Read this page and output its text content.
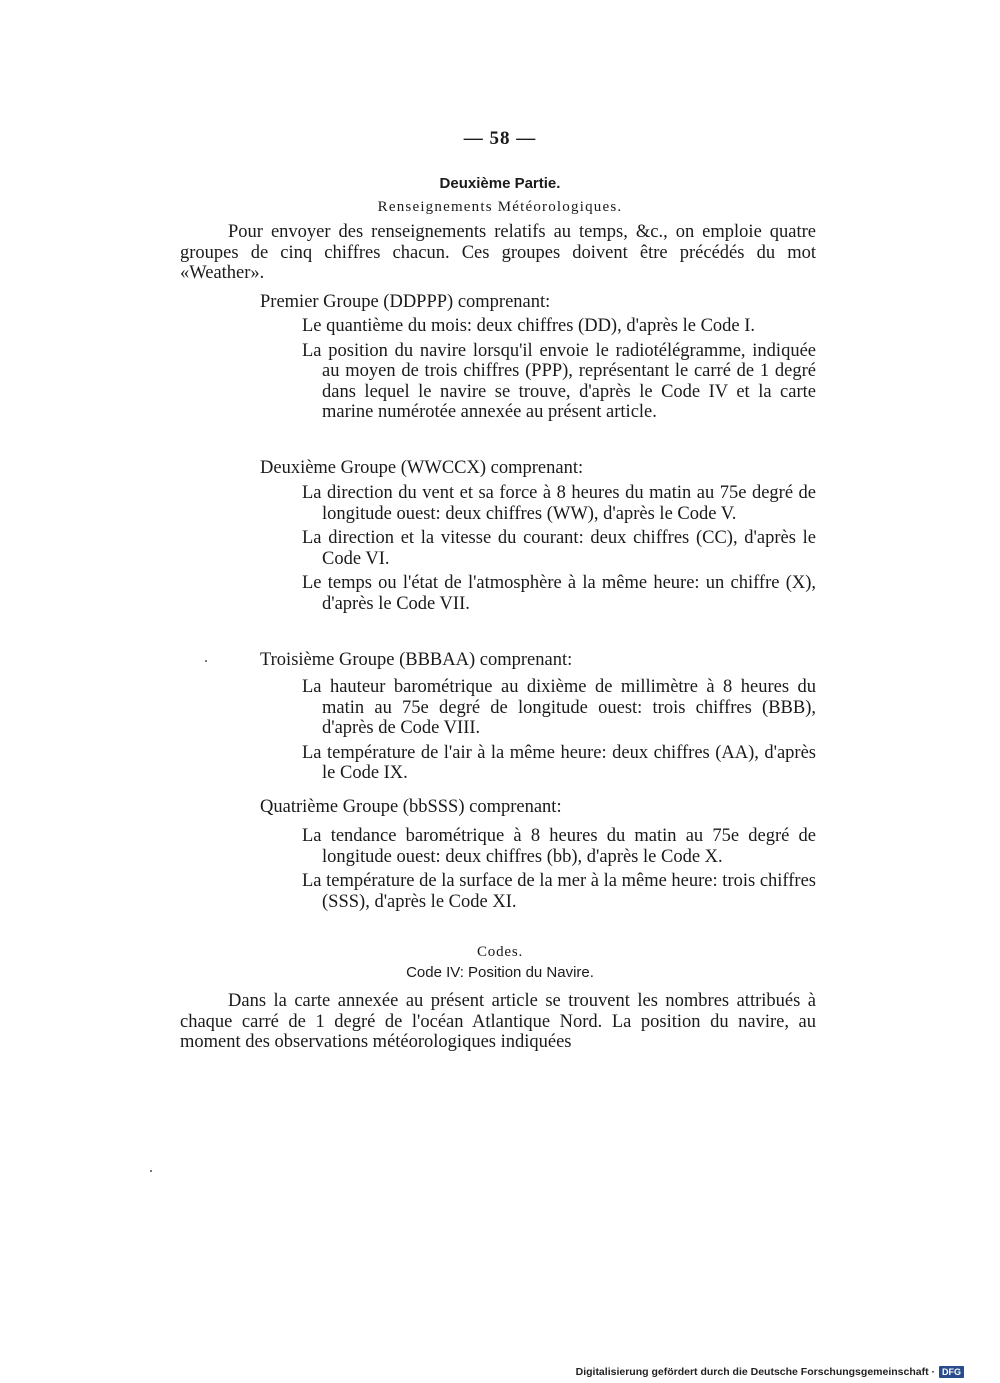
— 58 —
Deuxième Partie.
Renseignements Météorologiques.
Pour envoyer des renseignements relatifs au temps, &c., on emploie quatre groupes de cinq chiffres chacun. Ces groupes doivent être précédés du mot «Weather».
Premier Groupe (DDPPP) comprenant:
Le quantième du mois: deux chiffres (DD), d'après le Code I.
La position du navire lorsqu'il envoie le radiotélégramme, indiquée au moyen de trois chiffres (PPP), représentant le carré de 1 degré dans lequel le navire se trouve, d'après le Code IV et la carte marine numérotée annexée au présent article.
Deuxième Groupe (WWCCX) comprenant:
La direction du vent et sa force à 8 heures du matin au 75e degré de longitude ouest: deux chiffres (WW), d'après le Code V.
La direction et la vitesse du courant: deux chiffres (CC), d'après le Code VI.
Le temps ou l'état de l'atmosphère à la même heure: un chiffre (X), d'après le Code VII.
Troisième Groupe (BBBAA) comprenant:
La hauteur barométrique au dixième de millimètre à 8 heures du matin au 75e degré de longitude ouest: trois chiffres (BBB), d'après de Code VIII.
La température de l'air à la même heure: deux chiffres (AA), d'après le Code IX.
Quatrième Groupe (bbSSS) comprenant:
La tendance barométrique à 8 heures du matin au 75e degré de longitude ouest: deux chiffres (bb), d'après le Code X.
La température de la surface de la mer à la même heure: trois chiffres (SSS), d'après le Code XI.
Codes.
Code IV: Position du Navire.
Dans la carte annexée au présent article se trouvent les nombres attribués à chaque carré de 1 degré de l'océan Atlantique Nord. La position du navire, au moment des observations météorologiques indiquées
Digitalisierung gefördert durch die Deutsche Forschungsgemeinschaft · DFG
